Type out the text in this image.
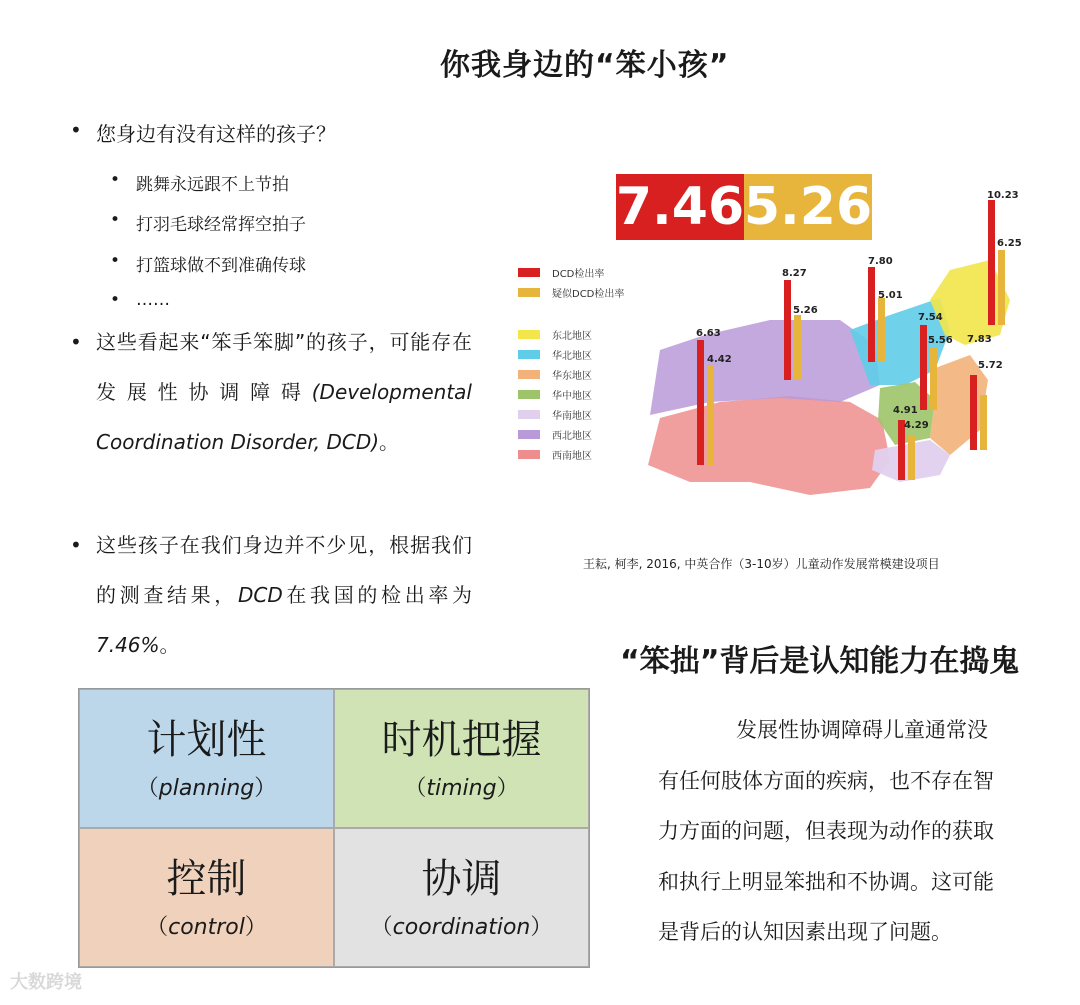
你我身边的“笨小孩”
• 您身边有没有这样的孩子？
• 跳舞永远跟不上节拍
• 打羽毛球经常挥空拍子
• 打篮球做不到准确传球
• ……
• 这些看起来“笨手笨脚”的孩子，可能存在发展性协调障碍(Developmental Coordination Disorder, DCD)。
• 这些孩子在我们身边并不少见，根据我们的测查结果，DCD在我国的检出率为7.46%。
7.46 5.26
DCD检出率
疑似DCD检出率
东北地区
华北地区
华东地区
华中地区
华南地区
西北地区
西南地区
6.63
4.42
8.27
5.26
7.80
5.01
10.23
6.25
7.54
5.56 7.83
5.72
4.91
4.29
王耘, 柯李, 2016, 中英合作（3-10岁）儿童动作发展常模建设项目
计划性
（planning）
时机把握
（timing）
控制
（control）
协调
（coordination）
“笨拙”背后是认知能力在捣鬼
发展性协调障碍儿童通常没有任何肢体方面的疾病，也不存在智力方面的问题，但表现为动作的获取和执行上明显笨拙和不协调。这可能是背后的认知因素出现了问题。
大数跨境
